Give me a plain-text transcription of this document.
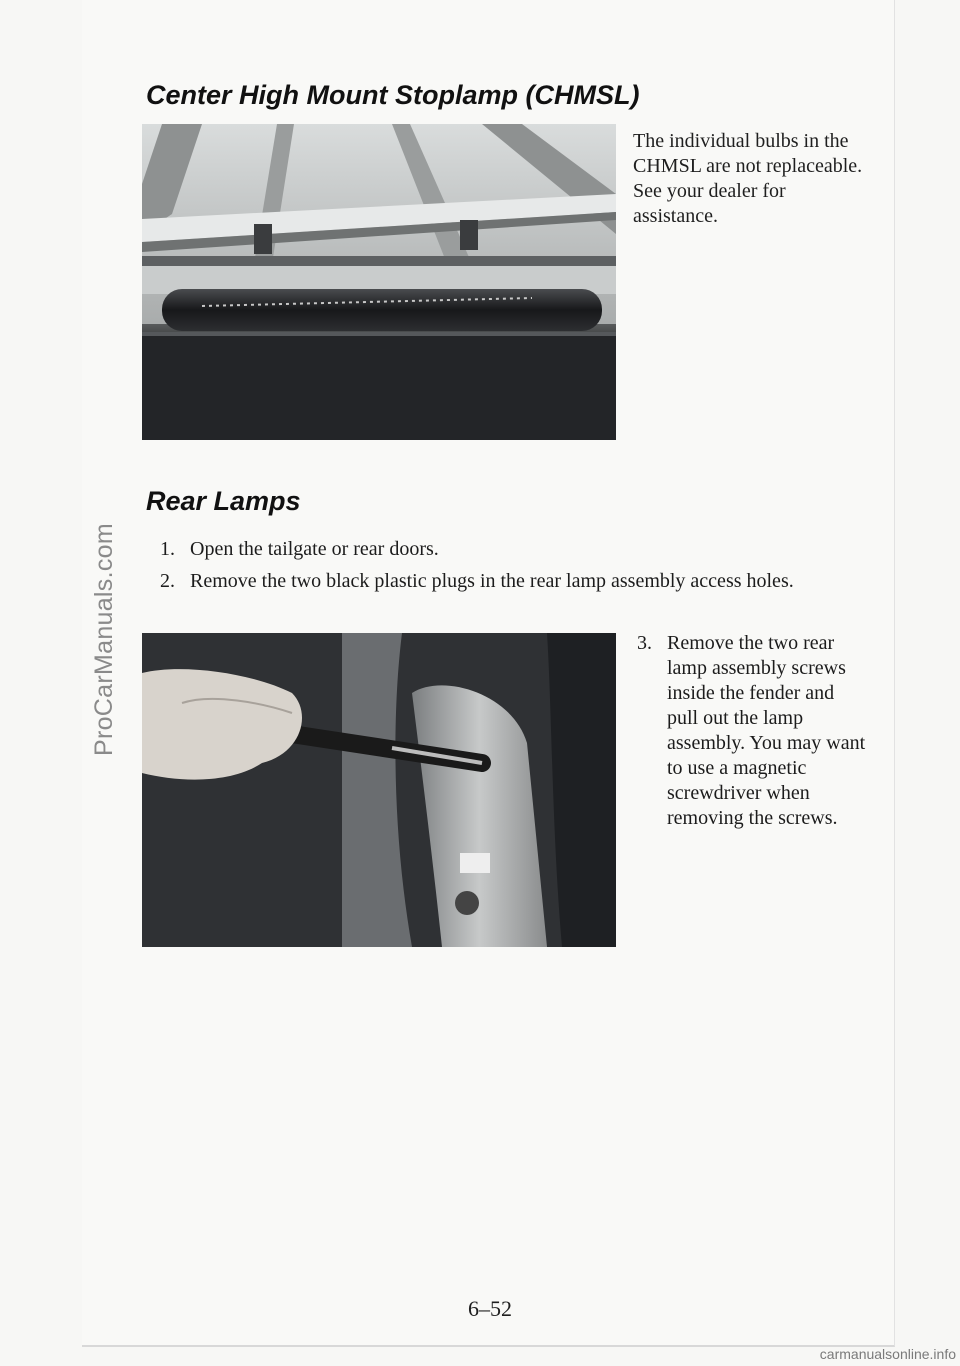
ProCarManuals.com
Center High Mount Stoplamp (CHMSL)
The individual bulbs in the CHMSL are not replaceable. See your dealer for assistance.
Rear Lamps
1. Open the tailgate or rear doors.
2. Remove the two black plastic plugs in the rear lamp assembly access holes.
3. Remove the two rear lamp assembly screws inside the fender and pull out the lamp assembly. You may want to use a magnetic screwdriver when removing the screws.
6–52
carmanualsonline.info
